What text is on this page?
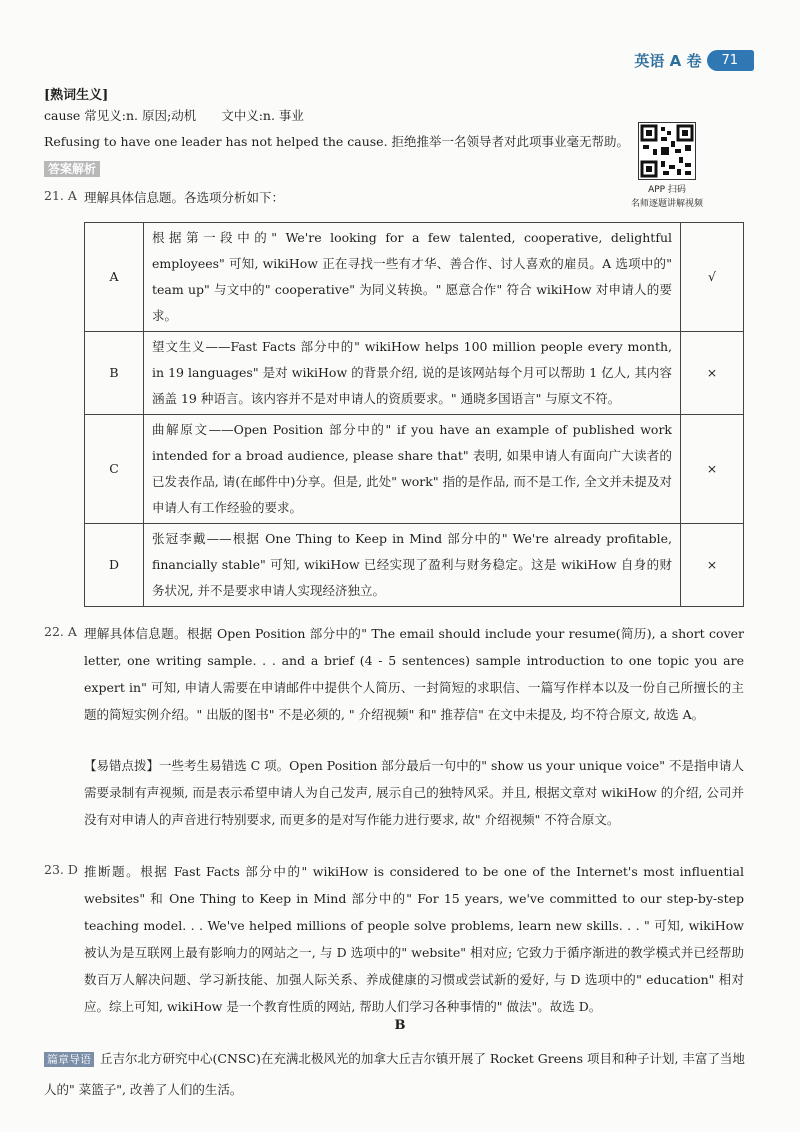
英语 A 卷	71
[熟词生义]
cause 常见义:n. 原因;动机　　文中义:n. 事业
Refusing to have one leader has not helped the cause. 拒绝推举一名领导者对此项事业毫无帮助。
APP 扫码
名师逐题讲解视频
答案解析
21. A 理解具体信息题。各选项分析如下：
A	根据第一段中的" We're looking for a few talented, cooperative, delightful employees" 可知, wikiHow 正在寻找一些有才华、善合作、讨人喜欢的雇员。A 选项中的" team up" 与文中的" cooperative" 为同义转换。" 愿意合作" 符合 wikiHow 对申请人的要求。	√
B	望文生义——Fast Facts 部分中的" wikiHow helps 100 million people every month, in 19 languages" 是对 wikiHow 的背景介绍, 说的是该网站每个月可以帮助 1 亿人, 其内容涵盖 19 种语言。该内容并不是对申请人的资质要求。" 通晓多国语言" 与原文不符。	×
C	曲解原文——Open Position 部分中的" if you have an example of published work intended for a broad audience, please share that" 表明, 如果申请人有面向广大读者的已发表作品, 请(在邮件中)分享。但是, 此处" work" 指的是作品, 而不是工作, 全文并未提及对申请人有工作经验的要求。	×
D	张冠李戴——根据 One Thing to Keep in Mind 部分中的" We're already profitable, financially stable" 可知, wikiHow 已经实现了盈利与财务稳定。这是 wikiHow 自身的财务状况, 并不是要求申请人实现经济独立。	×
22. A 理解具体信息题。根据 Open Position 部分中的" The email should include your resume(简历), a short cover letter, one writing sample. . . and a brief (4 - 5 sentences) sample introduction to one topic you are expert in" 可知, 申请人需要在申请邮件中提供个人简历、一封简短的求职信、一篇写作样本以及一份自己所擅长的主题的简短实例介绍。" 出版的图书" 不是必须的, " 介绍视频" 和" 推荐信" 在文中未提及, 均不符合原文, 故选 A。
【易错点拨】一些考生易错选 C 项。Open Position 部分最后一句中的" show us your unique voice" 不是指申请人需要录制有声视频, 而是表示希望申请人为自己发声, 展示自己的独特风采。并且, 根据文章对 wikiHow 的介绍, 公司并没有对申请人的声音进行特别要求, 而更多的是对写作能力进行要求, 故" 介绍视频" 不符合原文。
23. D 推断题。根据 Fast Facts 部分中的" wikiHow is considered to be one of the Internet's most influential websites" 和 One Thing to Keep in Mind 部分中的" For 15 years, we've committed to our step-by-step teaching model. . . We've helped millions of people solve problems, learn new skills. . . " 可知, wikiHow 被认为是互联网上最有影响力的网站之一, 与 D 选项中的" website" 相对应; 它致力于循序渐进的教学模式并已经帮助数百万人解决问题、学习新技能、加强人际关系、养成健康的习惯或尝试新的爱好, 与 D 选项中的" education" 相对应。综上可知, wikiHow 是一个教育性质的网站, 帮助人们学习各种事情的" 做法"。故选 D。
B
篇章导语 丘吉尔北方研究中心(CNSC)在充满北极风光的加拿大丘吉尔镇开展了 Rocket Greens 项目和种子计划, 丰富了当地人的" 菜篮子", 改善了人们的生活。
